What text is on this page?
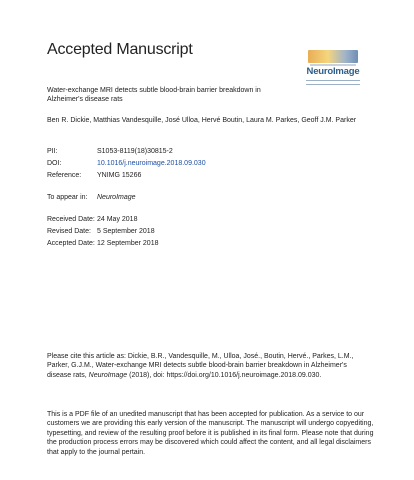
Accepted Manuscript
NeuroImage
Water-exchange MRI detects subtle blood-brain barrier breakdown in Alzheimer's disease rats
Ben R. Dickie, Matthias Vandesquille, José Ulloa, Hervé Boutin, Laura M. Parkes, Geoff J.M. Parker
PII:	S1053-8119(18)30815-2
DOI:	10.1016/j.neuroimage.2018.09.030
Reference: YNIMG 15266
To appear in: NeuroImage
Received Date: 24 May 2018
Revised Date: 5 September 2018
Accepted Date: 12 September 2018
Please cite this article as: Dickie, B.R., Vandesquille, M., Ulloa, José., Boutin, Hervé., Parkes, L.M., Parker, G.J.M., Water-exchange MRI detects subtle blood-brain barrier breakdown in Alzheimer's disease rats, NeuroImage (2018), doi: https://doi.org/10.1016/j.neuroimage.2018.09.030.
This is a PDF file of an unedited manuscript that has been accepted for publication. As a service to our customers we are providing this early version of the manuscript. The manuscript will undergo copyediting, typesetting, and review of the resulting proof before it is published in its final form. Please note that during the production process errors may be discovered which could affect the content, and all legal disclaimers that apply to the journal pertain.
